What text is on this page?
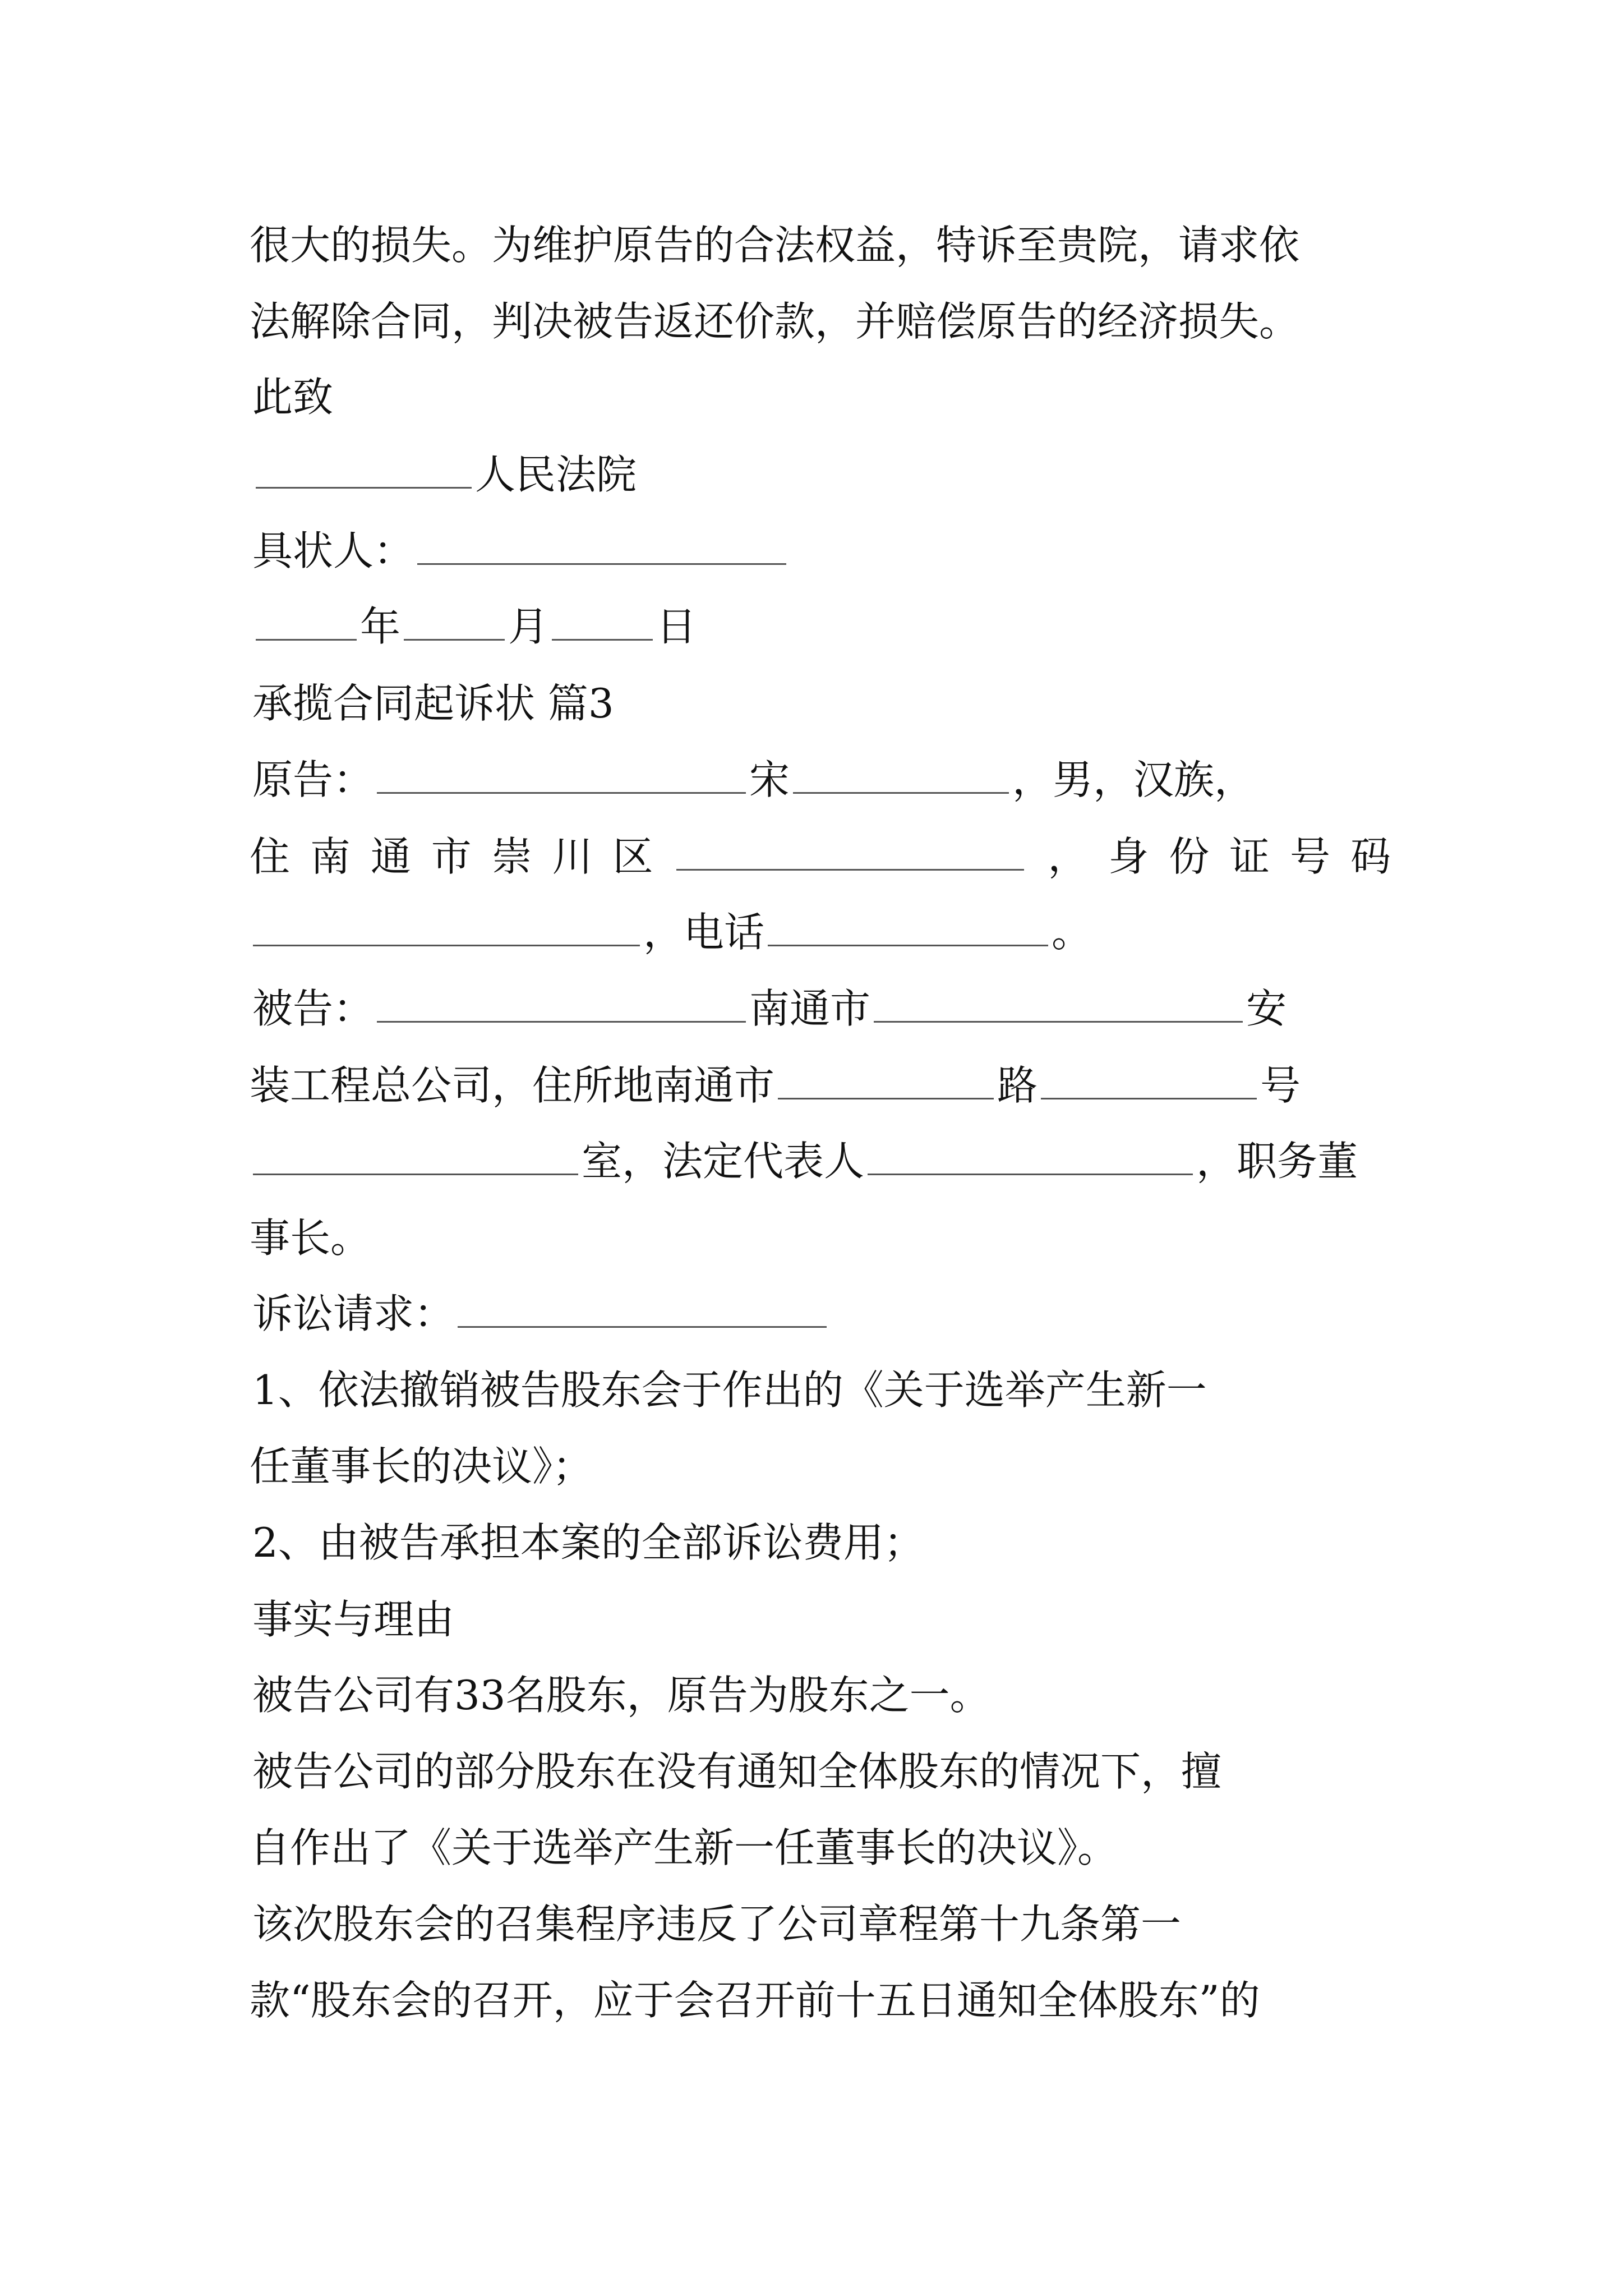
很大的损失。为维护原告的合法权益，特诉至贵院，请求依
法解除合同，判决被告返还价款，并赔偿原告的经济损失。
此致
人民法院
具状人：
年	月	日
承揽合同起诉状 篇3
原告：	宋	，男，汉族，
住 南 通 市 崇 川 区	， 身 份 证 号 码
，电话	。
被告：	南通市	安
装工程总公司，住所地南通市	路	号
室，法定代表人	，职务董
事长。
诉讼请求：
1、依法撤销被告股东会于作出的《关于选举产生新一
任董事长的决议》；
2、由被告承担本案的全部诉讼费用；
事实与理由
被告公司有33名股东，原告为股东之一。
被告公司的部分股东在没有通知全体股东的情况下，擅
自作出了《关于选举产生新一任董事长的决议》。
该次股东会的召集程序违反了公司章程第十九条第一
款“股东会的召开，应于会召开前十五日通知全体股东”的
